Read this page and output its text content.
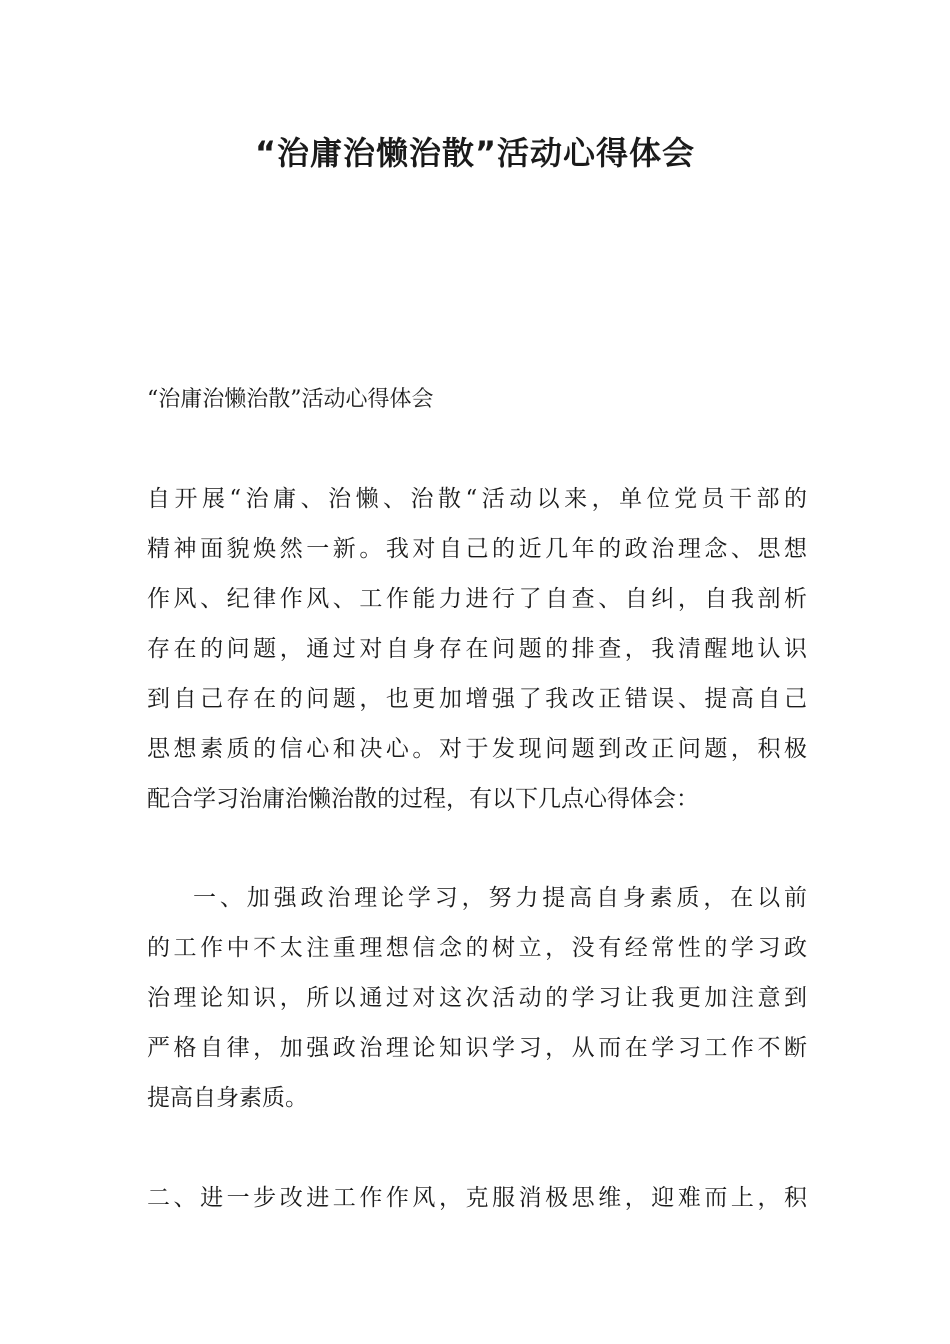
“治庸治懒治散”活动心得体会

“治庸治懒治散”活动心得体会

自开展“治庸、治懒、治散“活动以来，单位党员干部的
精神面貌焕然一新。我对自己的近几年的政治理念、思想
作风、纪律作风、工作能力进行了自查、自纠，自我剖析
存在的问题，通过对自身存在问题的排查，我清醒地认识
到自己存在的问题，也更加增强了我改正错误、提高自己
思想素质的信心和决心。对于发现问题到改正问题，积极
配合学习治庸治懒治散的过程，有以下几点心得体会：
一、加强政治理论学习，努力提高自身素质，在以前
的工作中不太注重理想信念的树立，没有经常性的学习政
治理论知识，所以通过对这次活动的学习让我更加注意到
严格自律，加强政治理论知识学习，从而在学习工作不断
提高自身素质。
二、进一步改进工作作风，克服消极思维，迎难而上，积
